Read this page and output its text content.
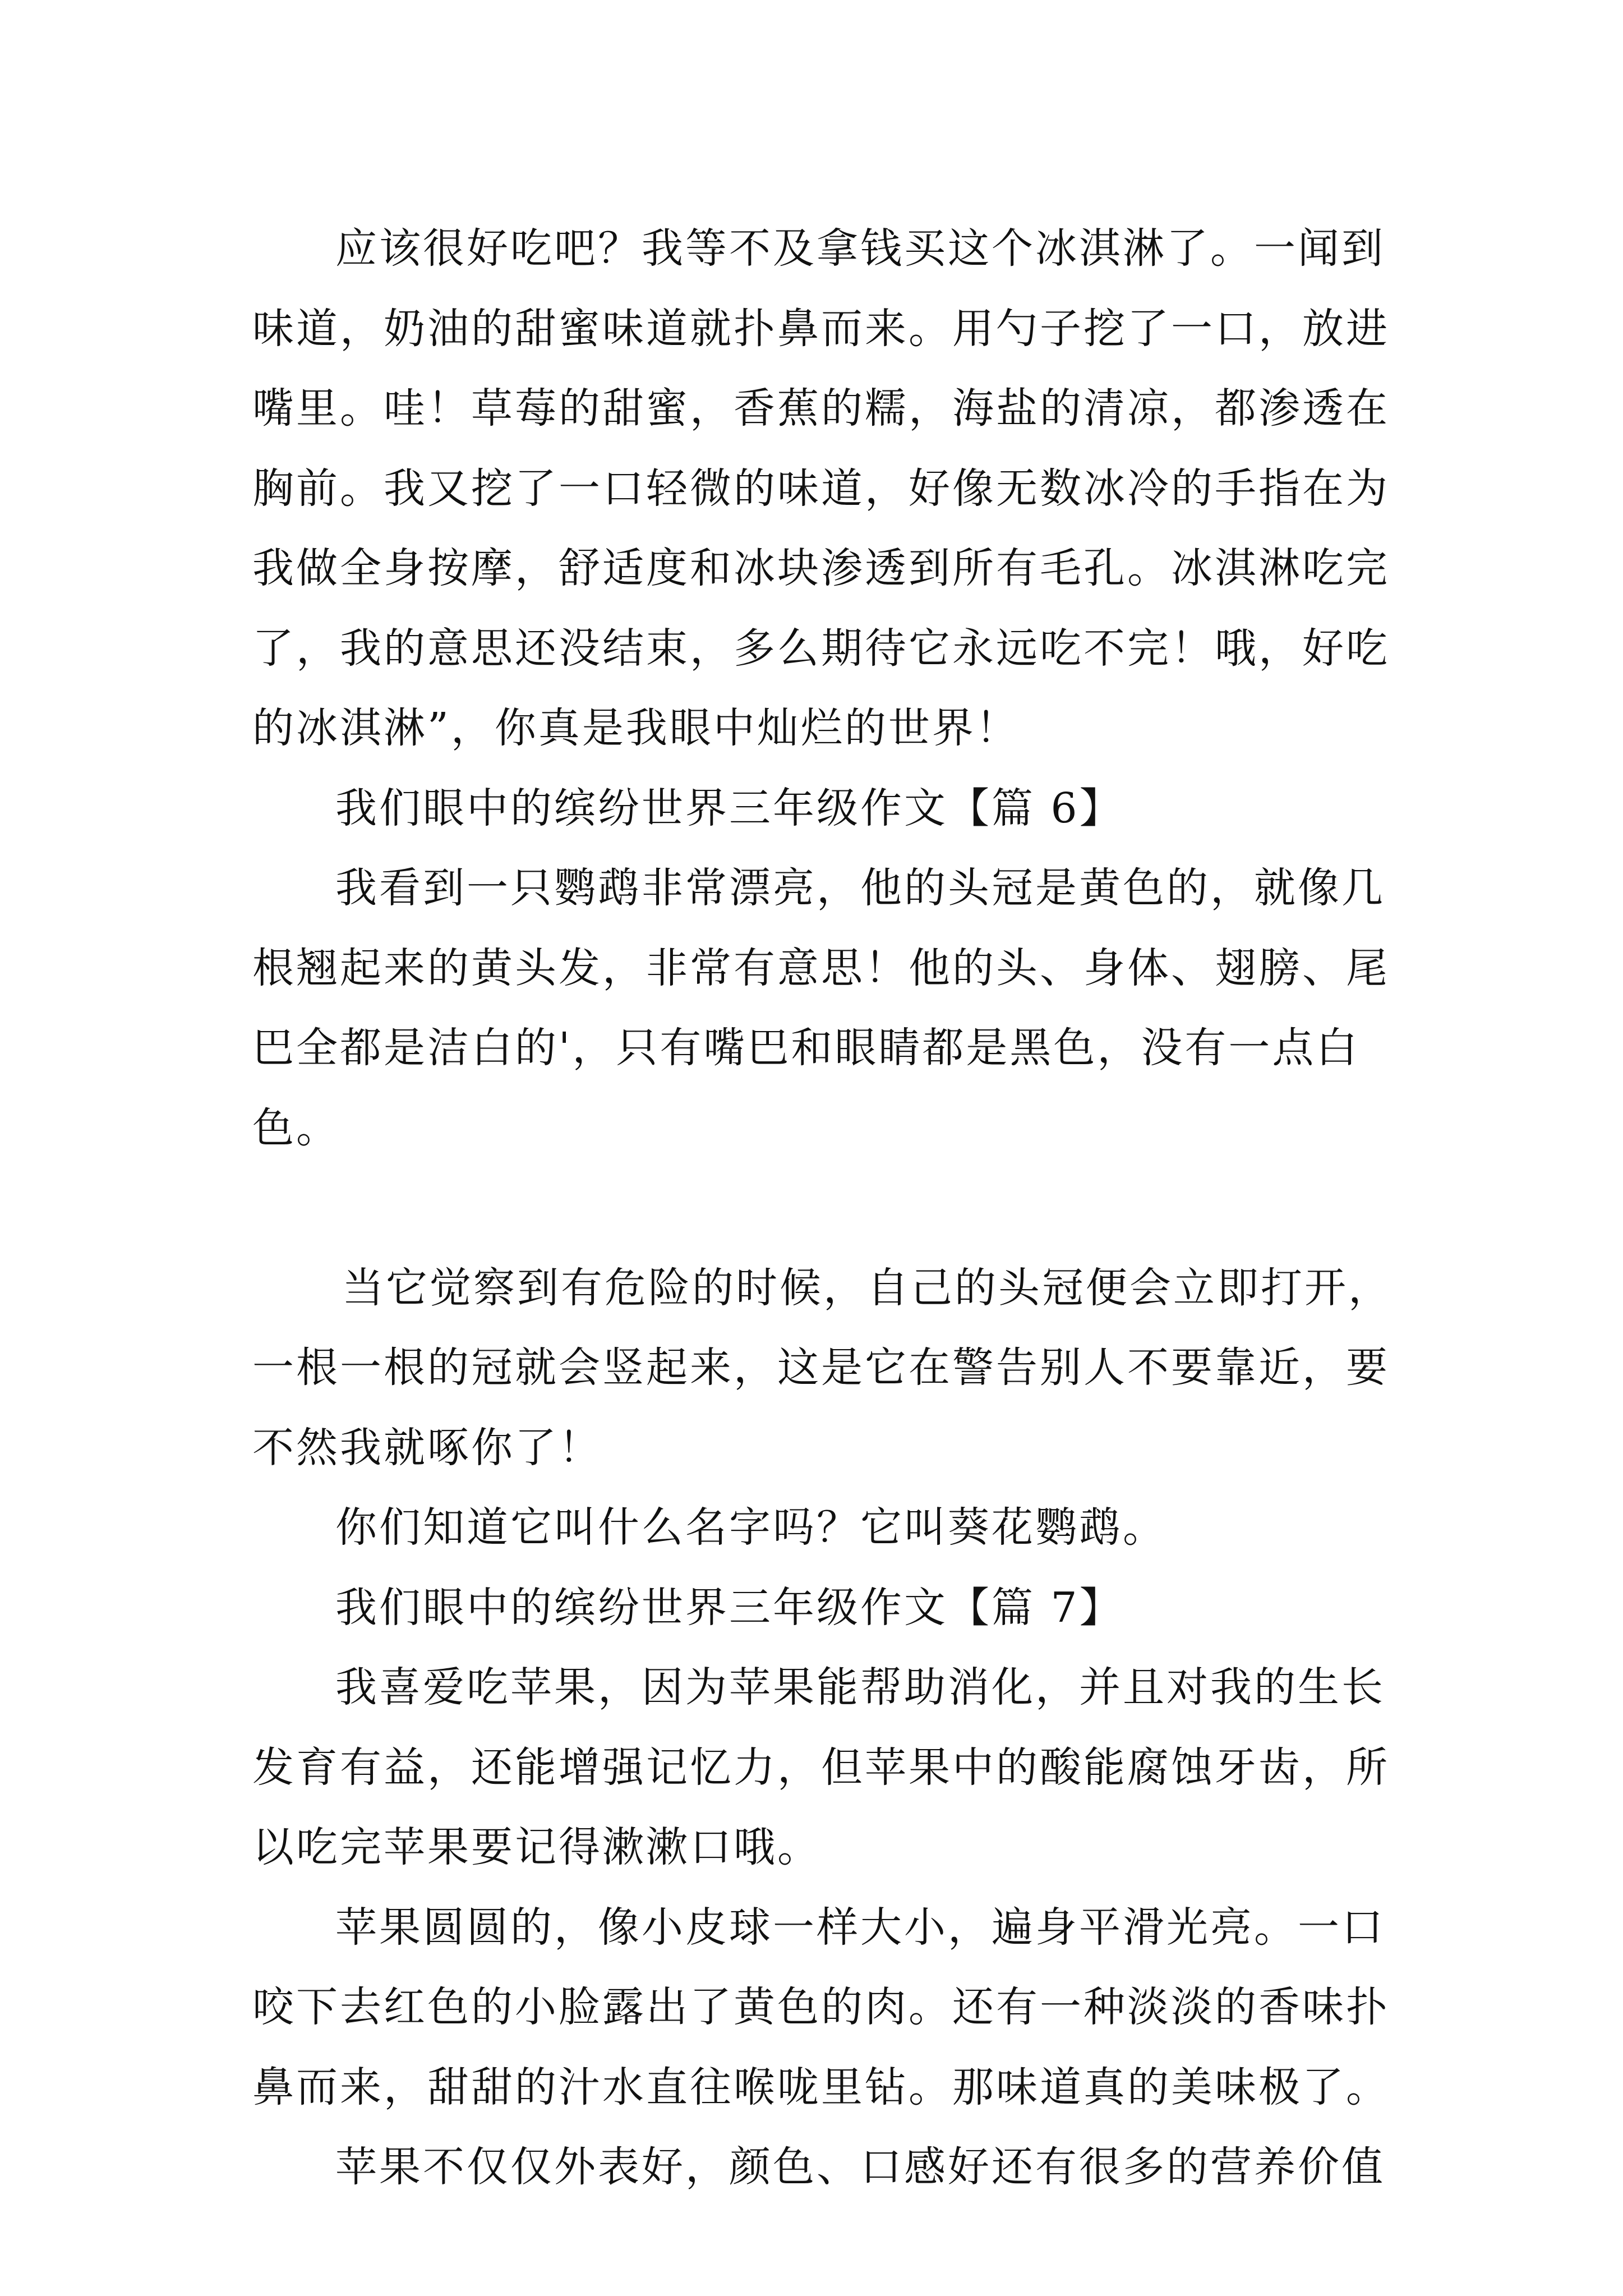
应该很好吃吧？我等不及拿钱买这个冰淇淋了。一闻到
味道，奶油的甜蜜味道就扑鼻而来。用勺子挖了一口，放进
嘴里。哇！草莓的甜蜜，香蕉的糯，海盐的清凉，都渗透在
胸前。我又挖了一口轻微的味道，好像无数冰冷的手指在为
我做全身按摩，舒适度和冰块渗透到所有毛孔。冰淇淋吃完
了，我的意思还没结束，多么期待它永远吃不完！哦，好吃
的冰淇淋”，你真是我眼中灿烂的世界！
我们眼中的缤纷世界三年级作文【篇 6】
我看到一只鹦鹉非常漂亮，他的头冠是黄色的，就像几
根翘起来的黄头发，非常有意思！他的头、身体、翅膀、尾
巴全都是洁白的'，只有嘴巴和眼睛都是黑色，没有一点白
色。
当它觉察到有危险的时候，自己的头冠便会立即打开，
一根一根的冠就会竖起来，这是它在警告别人不要靠近，要
不然我就啄你了！
你们知道它叫什么名字吗？它叫葵花鹦鹉。
我们眼中的缤纷世界三年级作文【篇 7】
我喜爱吃苹果，因为苹果能帮助消化，并且对我的生长
发育有益，还能增强记忆力，但苹果中的酸能腐蚀牙齿，所
以吃完苹果要记得漱漱口哦。
苹果圆圆的，像小皮球一样大小，遍身平滑光亮。一口
咬下去红色的小脸露出了黄色的肉。还有一种淡淡的香味扑
鼻而来，甜甜的汁水直往喉咙里钻。那味道真的美味极了。
苹果不仅仅外表好，颜色、口感好还有很多的营养价值
